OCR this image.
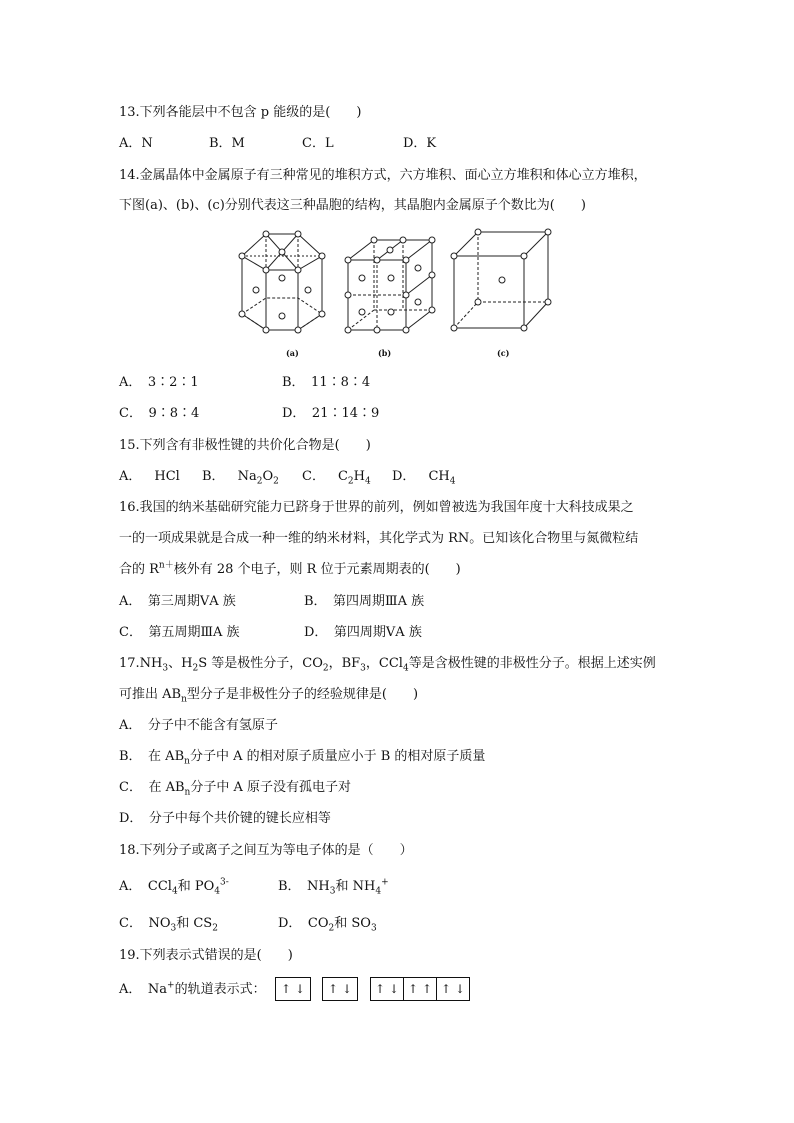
13.下列各能层中不包含 p 能级的是(　　)
A．N	B．M	C．L	D．K
14.金属晶体中金属原子有三种常见的堆积方式，六方堆积、面心立方堆积和体心立方堆积，
下图(a)、(b)、(c)分别代表这三种晶胞的结构，其晶胞内金属原子个数比为(　　)
(a)	(b)	(c)
A．　3∶2∶1	B．　11∶8∶4
C．　9∶8∶4	D．　21∶14∶9
15.下列含有非极性键的共价化合物是(　　)
A．  HCl B．  $Na_2O_2$ C．  $C_2H_4$ D．  $CH_4$
16.我国的纳米基础研究能力已跻身于世界的前列，例如曾被选为我国年度十大科技成果之
一的一项成果就是合成一种一维的纳米材料，其化学式为 RN。已知该化合物里与氮微粒结
合的 $R^{n+}$核外有 28 个电子，则 R 位于元素周期表的(　　)
A．　第三周期ⅤA 族	B．　第四周期ⅢA 族
C．　第五周期ⅢA 族	D．　第四周期ⅤA 族
$17.NH_3$、$H_2S$ 等是极性分子，$CO_2$，$BF_3$，CCl$_4$等是含极性键的非极性分子。根据上述实例
可推出 $AB_n$型分子是非极性分子的经验规律是(　　)
A．　分子中不能含有氢原子
B．　在 $AB_n$分子中 A 的相对原子质量应小于 B 的相对原子质量
C．　在 $AB_n$分子中 A 原子没有孤电子对
D．　分子中每个共价键的键长应相等
18.下列分子或离子之间互为等电子体的是（　　）
A．　CCl$_4$和 $PO_4^{3-}$	B．　$NH_3$和 $NH_4^+$
C．　$NO_3$和 $CS_2$	D．　$CO_2$和 $SO_3$
19.下列表示式错误的是(　　)
A．　Na+的轨道表示式： ↑ ↓ ↑ ↓ ↑ ↓ ↑ ↑ ↑ ↓
